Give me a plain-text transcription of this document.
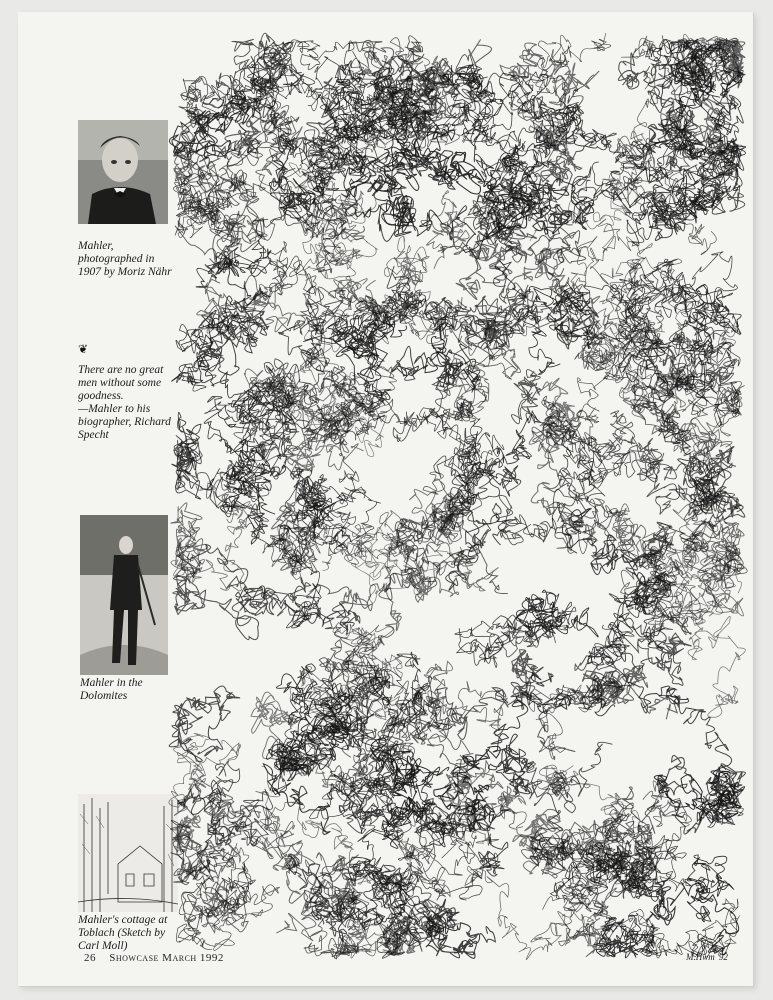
Mahler, photographed in 1907 by Moriz Nähr
❦
There are no great men without some goodness.
—Mahler to his biographer, Richard Specht
Mahler in the Dolomites
Mahler's cottage at Toblach (Sketch by Carl Moll)
26 Showcase March 1992	M.Hwm '92
